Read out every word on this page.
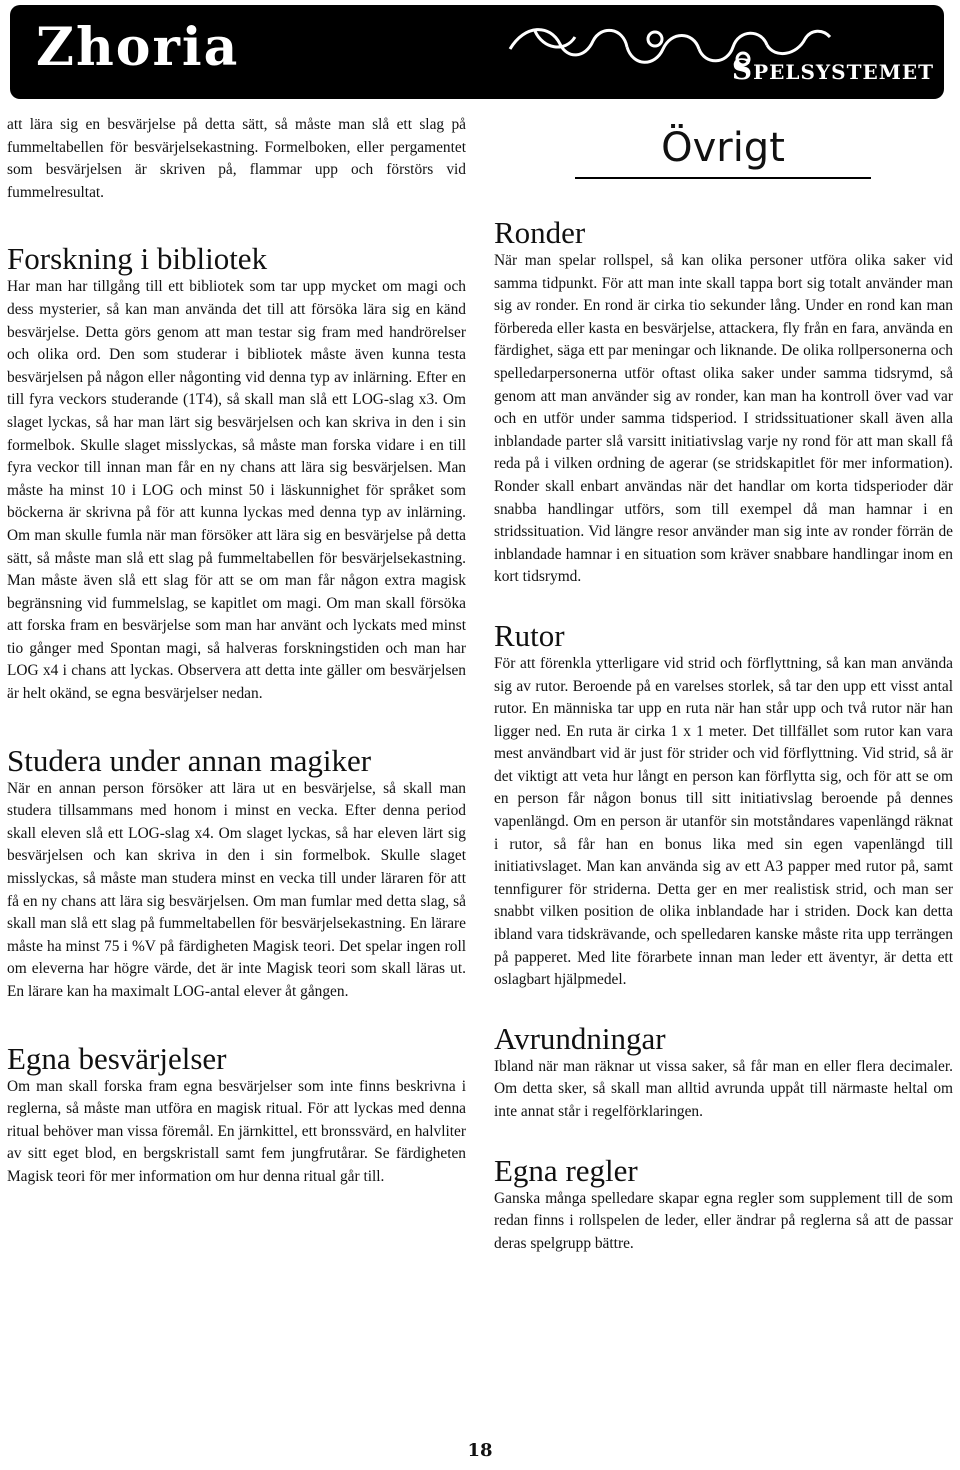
Zhoria	Spelsystemet

att lära sig en besvärjelse på detta sätt, så måste man slå ett slag på fummeltabellen för besvärjelsekastning. Formelboken, eller pergamentet som besvärjelsen är skriven på, flammar upp och förstörs vid fummelresultat.

Forskning i bibliotek

Har man har tillgång till ett bibliotek som tar upp mycket om magi och dess mysterier, så kan man använda det till att försöka lära sig en känd besvärjelse. Detta görs genom att man testar sig fram med handrörelser och olika ord. Den som studerar i bibliotek måste även kunna testa besvärjelsen på någon eller någonting vid denna typ av inlärning. Efter en till fyra veckors studerande (1T4), så skall man slå ett LOG-slag x3. Om slaget lyckas, så har man lärt sig besvärjelsen och kan skriva in den i sin formelbok. Skulle slaget misslyckas, så måste man forska vidare i en till fyra veckor till innan man får en ny chans att lära sig besvärjelsen. Man måste ha minst 10 i LOG och minst 50 i läskunnighet för språket som böckerna är skrivna på för att kunna lyckas med denna typ av inlärning. Om man skulle fumla när man försöker att lära sig en besvärjelse på detta sätt, så måste man slå ett slag på fummeltabellen för besvärjelsekastning. Man måste även slå ett slag för att se om man får någon extra magisk begränsning vid fummelslag, se kapitlet om magi. Om man skall försöka att forska fram en besvärjelse som man har använt och lyckats med minst tio gånger med Spontan magi, så halveras forskningstiden och man har LOG x4 i chans att lyckas. Observera att detta inte gäller om besvärjelsen är helt okänd, se egna besvärjelser nedan.

Studera under annan magiker

När en annan person försöker att lära ut en besvärjelse, så skall man studera tillsammans med honom i minst en vecka. Efter denna period skall eleven slå ett LOG-slag x4. Om slaget lyckas, så har eleven lärt sig besvärjelsen och kan skriva in den i sin formelbok. Skulle slaget misslyckas, så måste man studera minst en vecka till under läraren för att få en ny chans att lära sig besvärjelsen. Om man fumlar med detta slag, så skall man slå ett slag på fummeltabellen för besvärjelsekastning. En lärare måste ha minst 75 i %V på färdigheten Magisk teori. Det spelar ingen roll om eleverna har högre värde, det är inte Magisk teori som skall läras ut. En lärare kan ha maximalt LOG-antal elever åt gången.

Egna besvärjelser

Om man skall forska fram egna besvärjelser som inte finns beskrivna i reglerna, så måste man utföra en magisk ritual. För att lyckas med denna ritual behöver man vissa föremål. En järnkittel, ett bronssvärd, en halvliter av sitt eget blod, en bergskristall samt fem jungfrutårar. Se färdigheten Magisk teori för mer information om hur denna ritual går till.

Övrigt
Ronder

När man spelar rollspel, så kan olika personer utföra olika saker vid samma tidpunkt. För att man inte skall tappa bort sig totalt använder man sig av ronder. En rond är cirka tio sekunder lång. Under en rond kan man förbereda eller kasta en besvärjelse, attackera, fly från en fara, använda en färdighet, säga ett par meningar och liknande. De olika rollpersonerna och spelledarpersonerna utför oftast olika saker under samma tidsrymd, så genom att man använder sig av ronder, kan man ha kontroll över vad var och en utför under samma tidsperiod. I stridssituationer skall även alla inblandade parter slå varsitt initiativslag varje ny rond för att man skall få reda på i vilken ordning de agerar (se stridskapitlet för mer information). Ronder skall enbart användas när det handlar om korta tidsperioder där snabba handlingar utförs, som till exempel då man hamnar i en stridssituation. Vid längre resor använder man sig inte av ronder förrän de inblandade hamnar i en situation som kräver snabbare handlingar inom en kort tidsrymd.

Rutor

För att förenkla ytterligare vid strid och förflyttning, så kan man använda sig av rutor. Beroende på en varelses storlek, så tar den upp ett visst antal rutor. En människa tar upp en ruta när han står upp och två rutor när han ligger ned. En ruta är cirka 1 x 1 meter. Det tillfället som rutor kan vara mest användbart vid är just för strider och vid förflyttning. Vid strid, så är det viktigt att veta hur långt en person kan förflytta sig, och för att se om en person får någon bonus till sitt initiativslag beroende på dennes vapenlängd. Om en person är utanför sin motståndares vapenlängd räknat i rutor, så får han en bonus lika med sin egen vapenlängd till initiativslaget. Man kan använda sig av ett A3 papper med rutor på, samt tennfigurer för striderna. Detta ger en mer realistisk strid, och man ser snabbt vilken position de olika inblandade har i striden. Dock kan detta ibland vara tidskrävande, och spelledaren kanske måste rita upp terrängen på papperet. Med lite förarbete innan man leder ett äventyr, är detta ett oslagbart hjälpmedel.

Avrundningar

Ibland när man räknar ut vissa saker, så får man en eller flera decimaler. Om detta sker, så skall man alltid avrunda uppåt till närmaste heltal om inte annat står i regelförklaringen.

Egna regler

Ganska många spelledare skapar egna regler som supplement till de som redan finns i rollspelen de leder, eller ändrar på reglerna så att de passar deras spelgrupp bättre.

18
